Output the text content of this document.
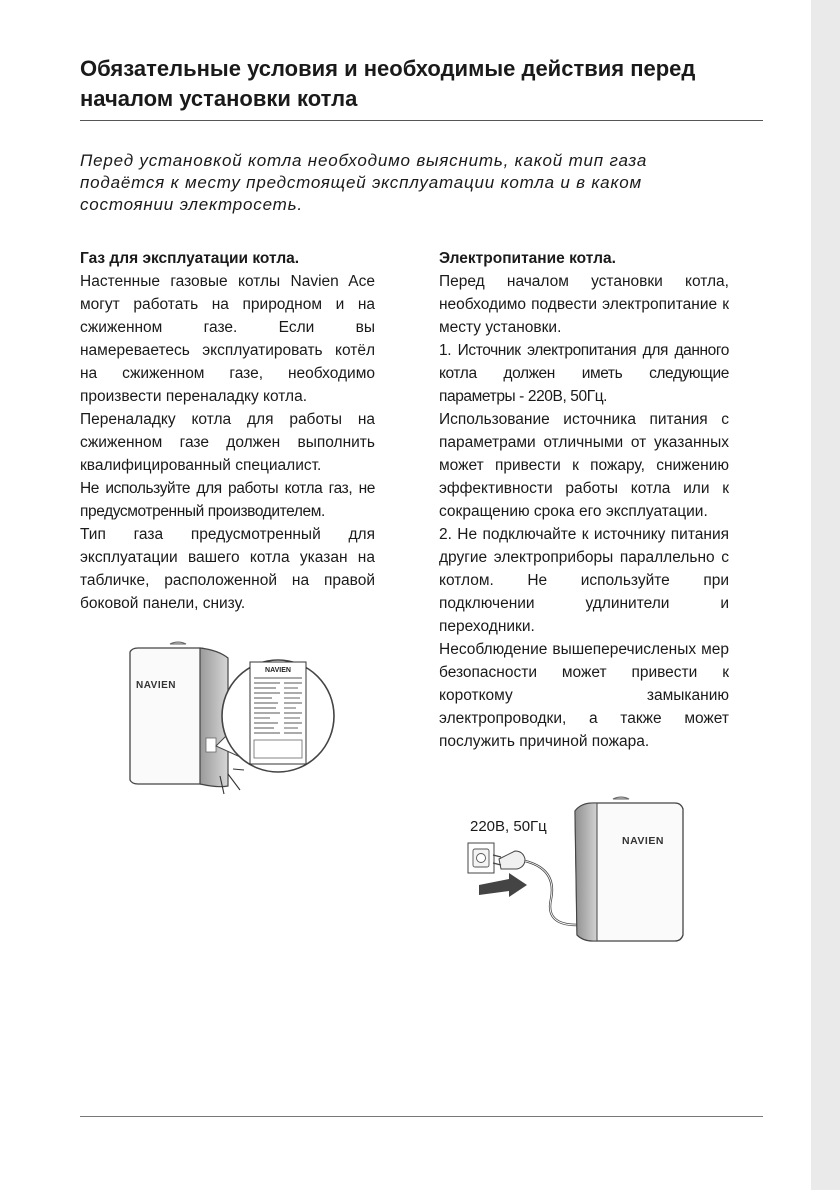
Обязательные условия и необходимые действия перед
началом установки котла

Перед установкой котла необходимо выяснить, какой тип газа подаётся к месту предстоящей эксплуатации котла и в каком состоянии электросеть.

Газ для эксплуатации котла.

Настенные газовые котлы Navien Ace могут работать на природном и на сжиженном газе. Если вы намереваетесь эксплуатировать котёл на сжиженном газе, необходимо произвести переналадку котла.

Переналадку котла для работы на сжиженном газе должен выполнить квалифицированный специалист.

Не используйте для работы котла газ, не предусмотренный производителем.

Тип газа предусмотренный для эксплуатации вашего котла указан на табличке, расположенной на правой боковой панели, снизу.

Электропитание котла.

Перед началом установки котла, необходимо подвести электропитание к месту установки.

1. Источник электропитания для данного котла должен иметь следующие параметры - 220В, 50Гц.

Использование источника питания с параметрами отличными от указанных может привести к пожару, снижению эффективности работы котла или к сокращению срока его эксплуатации.

2. Не подключайте к источнику питания другие электроприборы параллельно с котлом. Не используйте при подключении удлинители и переходники.

Несоблюдение вышеперечисленых мер безопасности может привести к короткому замыканию электропроводки, а также может послужить причиной пожара.

NAVIEN
NAVIEN
220В, 50Гц
NAVIEN
